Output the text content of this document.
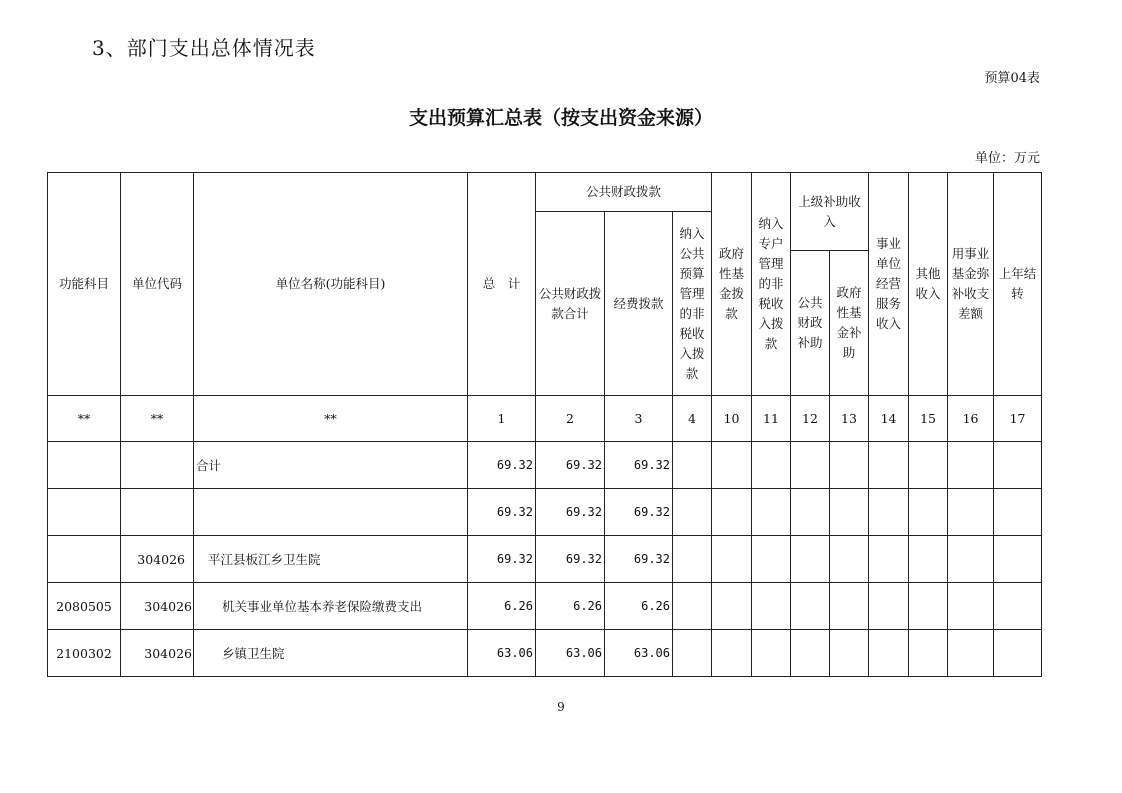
3、部门支出总体情况表
预算04表
支出预算汇总表（按支出资金来源）
单位：万元
功能科目	单位代码	单位名称(功能科目)	总　计	公共财政拨款			政府性基金拨款	纳入专户管理的非税收入拨款	上级补助收入		事业单位经营服务收入	其他收入	用事业基金弥补收支差额	上年结转
				公共财政拨款合计	经费拨款	纳入公共预算管理的非税收入拨款								
									公共财政补助	政府性基金补助				
**	**	**	1	2	3	4	10	11	12	13	14	15	16	17
		合计	69.32	69.32	69.32									
			69.32	69.32	69.32									
	304026	平江县板江乡卫生院	69.32	69.32	69.32									
2080505	304026	机关事业单位基本养老保险缴费支出	6.26	6.26	6.26									
2100302	304026	乡镇卫生院	63.06	63.06	63.06									
9
